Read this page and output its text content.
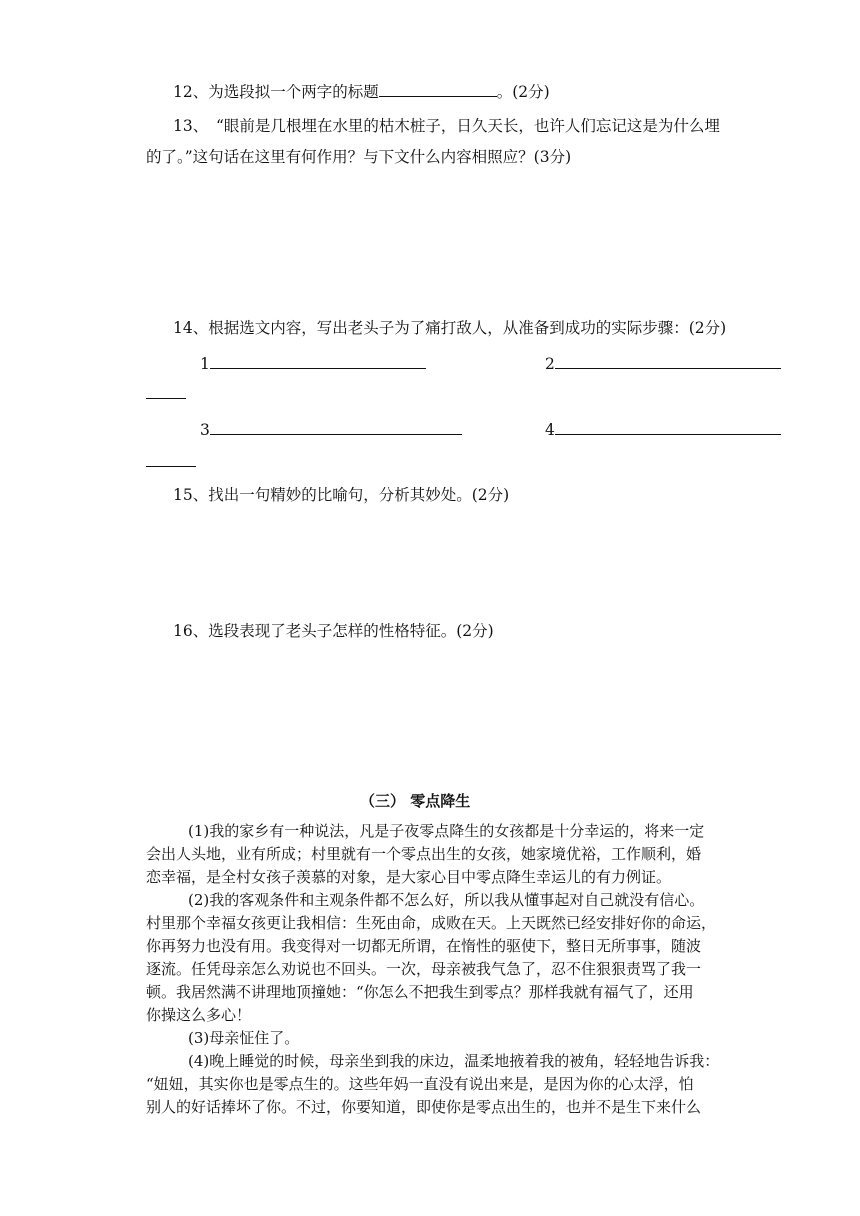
12、为选段拟一个两字的标题	。(2分)
13、　“眼前是几根埋在水里的枯木桩子，日久天长，也许人们忘记这是为什么埋
的了。”这句话在这里有何作用？与下文什么内容相照应？(3分)
14、根据选文内容，写出老头子为了痛打敌人，从准备到成功的实际步骤：(2分)
1	2
3	4
15、找出一句精妙的比喻句，分析其妙处。(2分)
16、选段表现了老头子怎样的性格特征。(2分)
（三） 零点降生
(1)我的家乡有一种说法，凡是子夜零点降生的女孩都是十分幸运的，将来一定
会出人头地，业有所成；村里就有一个零点出生的女孩，她家境优裕，工作顺利，婚
恋幸福，是全村女孩子羡慕的对象，是大家心目中零点降生幸运儿的有力例证。
(2)我的客观条件和主观条件都不怎么好，所以我从懂事起对自己就没有信心。
村里那个幸福女孩更让我相信：生死由命，成败在天。上天既然已经安排好你的命运，
你再努力也没有用。我变得对一切都无所谓，在惰性的驱使下，整日无所事事，随波
逐流。任凭母亲怎么劝说也不回头。一次，母亲被我气急了，忍不住狠狠责骂了我一
顿。我居然满不讲理地顶撞她：“你怎么不把我生到零点？那样我就有福气了，还用
你操这么多心！
(3)母亲怔住了。
(4)晚上睡觉的时候，母亲坐到我的床边，温柔地掖着我的被角，轻轻地告诉我：
“妞妞，其实你也是零点生的。这些年妈一直没有说出来是，是因为你的心太浮，怕
别人的好话捧坏了你。不过，你要知道，即使你是零点出生的，也并不是生下来什么
